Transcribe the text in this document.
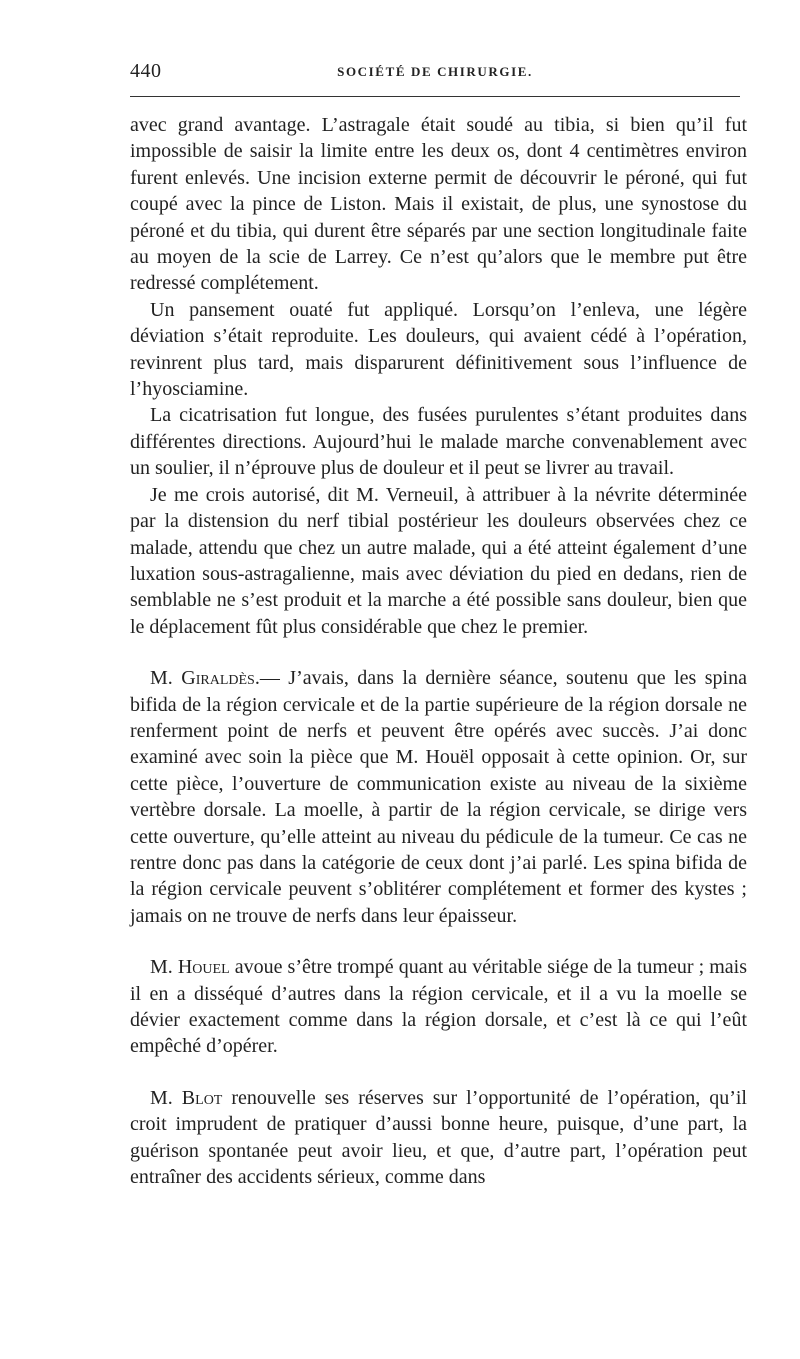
440	SOCIÉTÉ DE CHIRURGIE.

avec grand avantage. L’astragale était soudé au tibia, si bien qu’il fut impossible de saisir la limite entre les deux os, dont 4 centimètres environ furent enlevés. Une incision externe permit de découvrir le péroné, qui fut coupé avec la pince de Liston. Mais il existait, de plus, une synostose du péroné et du tibia, qui durent être séparés par une section longitudinale faite au moyen de la scie de Larrey. Ce n’est qu’alors que le membre put être redressé complétement.

Un pansement ouaté fut appliqué. Lorsqu’on l’enleva, une légère déviation s’était reproduite. Les douleurs, qui avaient cédé à l’opération, revinrent plus tard, mais disparurent définitivement sous l’influence de l’hyosciamine.

La cicatrisation fut longue, des fusées purulentes s’étant produites dans différentes directions. Aujourd’hui le malade marche convenablement avec un soulier, il n’éprouve plus de douleur et il peut se livrer au travail.

Je me crois autorisé, dit M. Verneuil, à attribuer à la névrite déterminée par la distension du nerf tibial postérieur les douleurs observées chez ce malade, attendu que chez un autre malade, qui a été atteint également d’une luxation sous-astragalienne, mais avec déviation du pied en dedans, rien de semblable ne s’est produit et la marche a été possible sans douleur, bien que le déplacement fût plus considérable que chez le premier.

M. Giraldès.— J’avais, dans la dernière séance, soutenu que les spina bifida de la région cervicale et de la partie supérieure de la région dorsale ne renferment point de nerfs et peuvent être opérés avec succès. J’ai donc examiné avec soin la pièce que M. Houël opposait à cette opinion. Or, sur cette pièce, l’ouverture de communication existe au niveau de la sixième vertèbre dorsale. La moelle, à partir de la région cervicale, se dirige vers cette ouverture, qu’elle atteint au niveau du pédicule de la tumeur. Ce cas ne rentre donc pas dans la catégorie de ceux dont j’ai parlé. Les spina bifida de la région cervicale peuvent s’oblitérer complétement et former des kystes ; jamais on ne trouve de nerfs dans leur épaisseur.

M. Houel avoue s’être trompé quant au véritable siége de la tumeur ; mais il en a disséqué d’autres dans la région cervicale, et il a vu la moelle se dévier exactement comme dans la région dorsale, et c’est là ce qui l’eût empêché d’opérer.

M. Blot renouvelle ses réserves sur l’opportunité de l’opération, qu’il croit imprudent de pratiquer d’aussi bonne heure, puisque, d’une part, la guérison spontanée peut avoir lieu, et que, d’autre part, l’opération peut entraîner des accidents sérieux, comme dans
